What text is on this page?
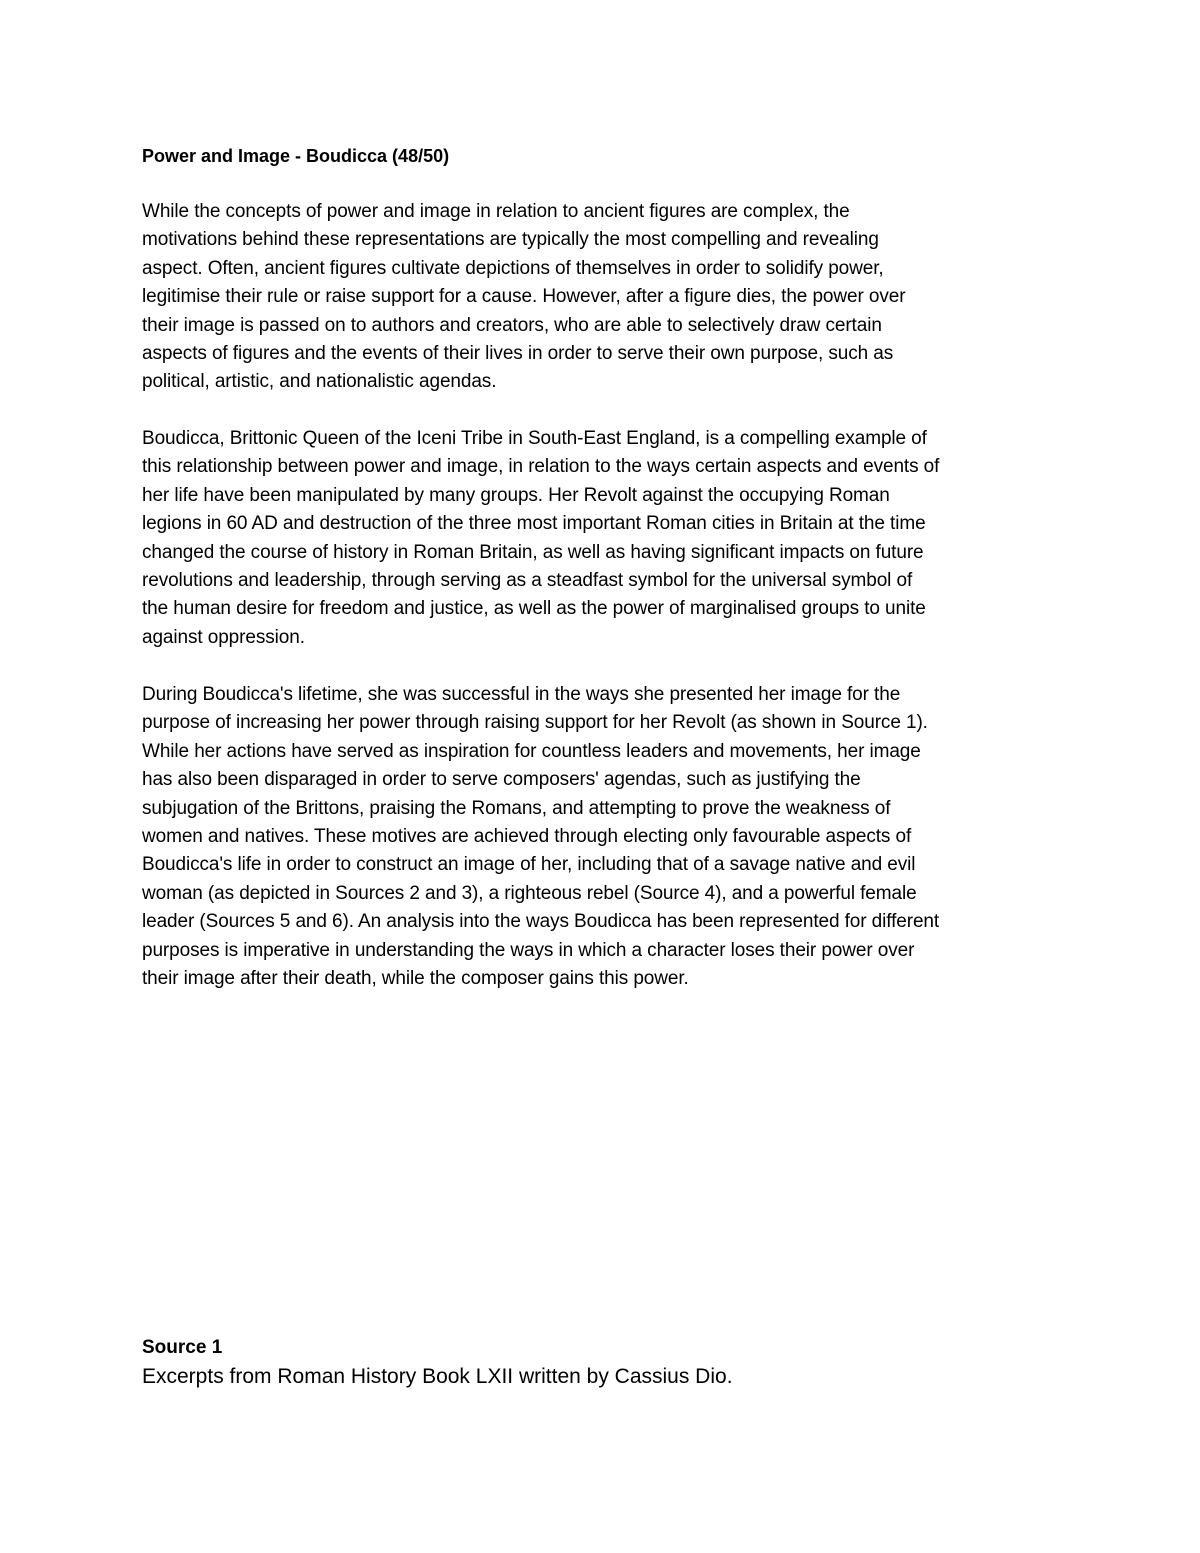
Power and Image - Boudicca (48/50)

While the concepts of power and image in relation to ancient figures are complex, the
motivations behind these representations are typically the most compelling and revealing
aspect. Often, ancient figures cultivate depictions of themselves in order to solidify power,
legitimise their rule or raise support for a cause. However, after a figure dies, the power over
their image is passed on to authors and creators, who are able to selectively draw certain
aspects of figures and the events of their lives in order to serve their own purpose, such as
political, artistic, and nationalistic agendas.

Boudicca, Brittonic Queen of the Iceni Tribe in South-East England, is a compelling example of
this relationship between power and image, in relation to the ways certain aspects and events of
her life have been manipulated by many groups. Her Revolt against the occupying Roman
legions in 60 AD and destruction of the three most important Roman cities in Britain at the time
changed the course of history in Roman Britain, as well as having significant impacts on future
revolutions and leadership, through serving as a steadfast symbol for the universal symbol of
the human desire for freedom and justice, as well as the power of marginalised groups to unite
against oppression.

During Boudicca's lifetime, she was successful in the ways she presented her image for the
purpose of increasing her power through raising support for her Revolt (as shown in Source 1).
While her actions have served as inspiration for countless leaders and movements, her image
has also been disparaged in order to serve composers' agendas, such as justifying the
subjugation of the Brittons, praising the Romans, and attempting to prove the weakness of
women and natives. These motives are achieved through electing only favourable aspects of
Boudicca's life in order to construct an image of her, including that of a savage native and evil
woman (as depicted in Sources 2 and 3), a righteous rebel (Source 4), and a powerful female
leader (Sources 5 and 6). An analysis into the ways Boudicca has been represented for different
purposes is imperative in understanding the ways in which a character loses their power over
their image after their death, while the composer gains this power.

Source 1

Excerpts from Roman History Book LXII written by Cassius Dio.
